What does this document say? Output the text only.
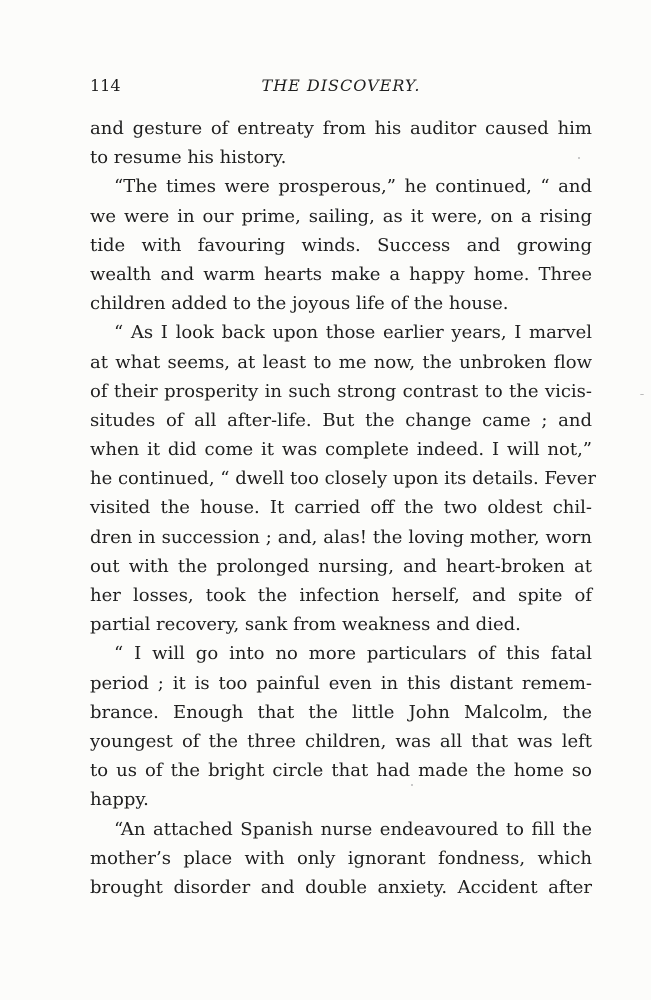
114	THE DISCOVERY.
and gesture of entreaty from his auditor caused him
to resume his history.
“The times were prosperous,” he continued, “ and
we were in our prime, sailing, as it were, on a rising
tide with favouring winds. Success and growing
wealth and warm hearts make a happy home. Three
children added to the joyous life of the house.
“ As I look back upon those earlier years, I marvel
at what seems, at least to me now, the unbroken flow
of their prosperity in such strong contrast to the vicis-
situdes of all after-life. But the change came ; and
when it did come it was complete indeed. I will not,”
he continued, “ dwell too closely upon its details. Fever
visited the house. It carried off the two oldest chil-
dren in succession ; and, alas! the loving mother, worn
out with the prolonged nursing, and heart-broken at
her losses, took the infection herself, and spite of
partial recovery, sank from weakness and died.
“ I will go into no more particulars of this fatal
period ; it is too painful even in this distant remem-
brance. Enough that the little John Malcolm, the
youngest of the three children, was all that was left
to us of the bright circle that had made the home so
happy.
“An attached Spanish nurse endeavoured to fill the
mother’s place with only ignorant fondness, which
brought disorder and double anxiety. Accident after
